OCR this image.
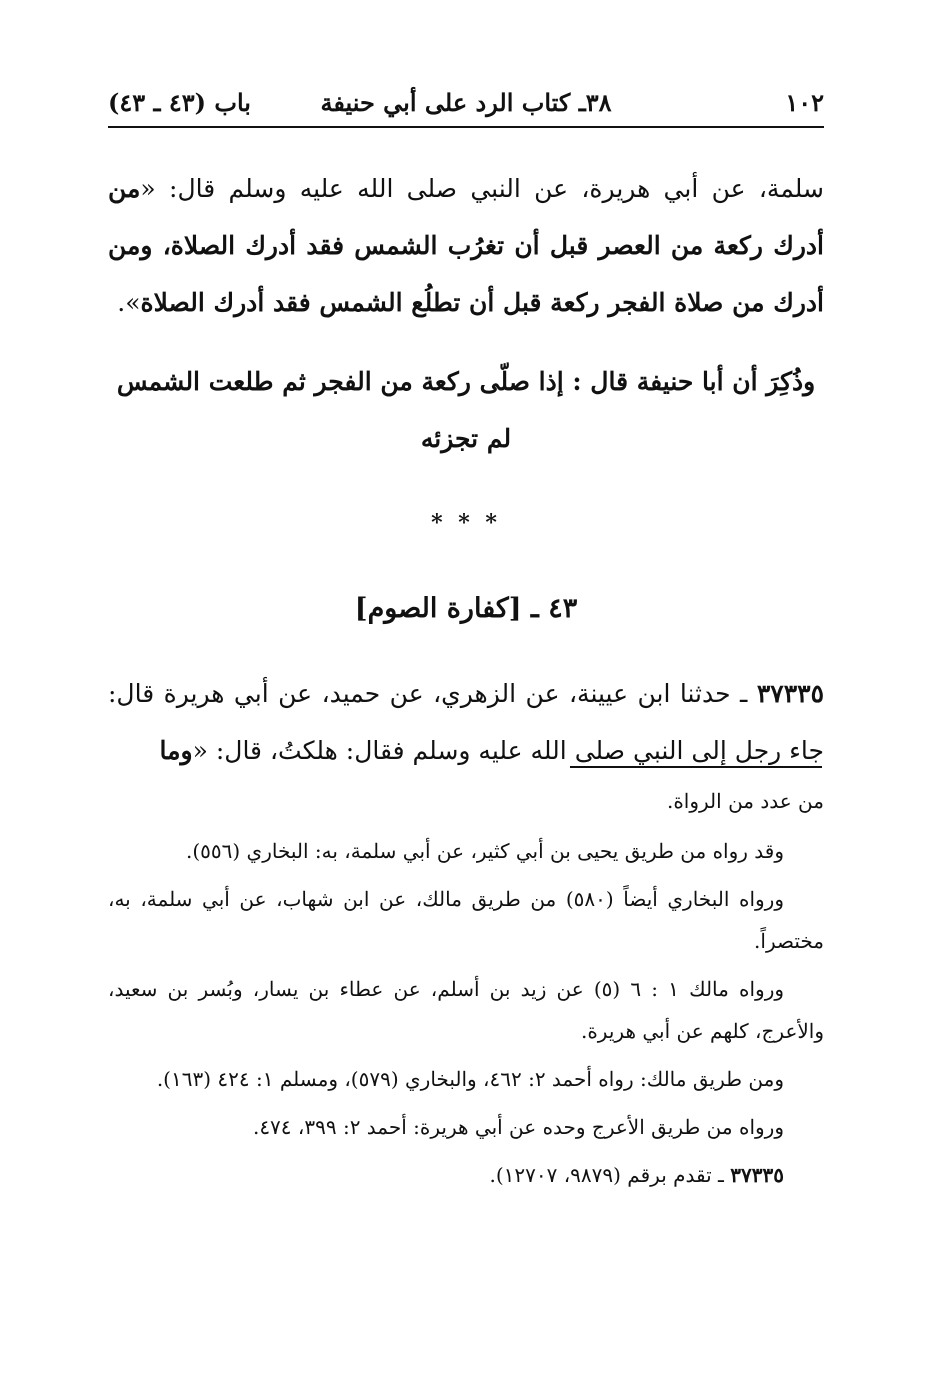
١٠٢
٣٨ـ كتاب الرد على أبي حنيفة
باب (٤٣ ـ ٤٣)

سلمة، عن أبي هريرة، عن النبي صلى الله عليه وسلم قال: «من أدرك ركعة من العصر قبل أن تغرُب الشمس فقد أدرك الصلاة، ومن أدرك من صلاة الفجر ركعة قبل أن تطلُع الشمس فقد أدرك الصلاة».

وذُكِرَ أن أبا حنيفة قال : إذا صلّى ركعة من الفجر ثم طلعت الشمس لم تجزئه

* * *

٤٣ ـ [كفارة الصوم]

٣٧٣٣٥ ـ حدثنا ابن عيينة، عن الزهري، عن حميد، عن أبي هريرة قال: جاء رجل إلى النبي صلى الله عليه وسلم فقال: هلكتُ، قال: «وما

من عدد من الرواة.

وقد رواه من طريق يحيى بن أبي كثير، عن أبي سلمة، به: البخاري (٥٥٦).

ورواه البخاري أيضاً (٥٨٠) من طريق مالك، عن ابن شهاب، عن أبي سلمة، به، مختصراً.

ورواه مالك ١ : ٦ (٥) عن زيد بن أسلم، عن عطاء بن يسار، وبُسر بن سعيد، والأعرج، كلهم عن أبي هريرة.

ومن طريق مالك: رواه أحمد ٢: ٤٦٢، والبخاري (٥٧٩)، ومسلم ١: ٤٢٤ (١٦٣).

ورواه من طريق الأعرج وحده عن أبي هريرة: أحمد ٢: ٣٩٩، ٤٧٤.

٣٧٣٣٥ ـ تقدم برقم (٩٨٧٩، ١٢٧٠٧).
